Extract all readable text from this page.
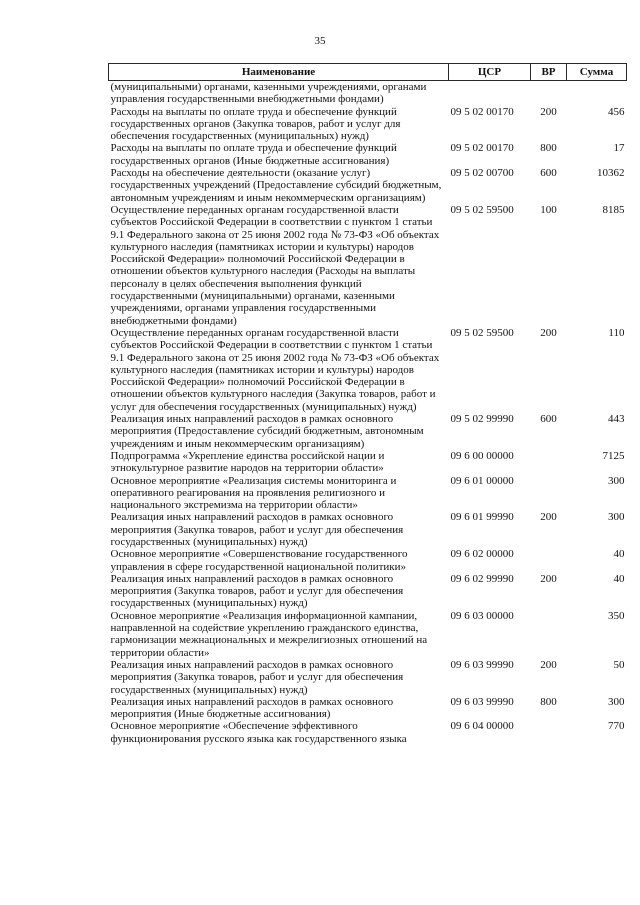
35
Наименование	ЦСР	ВР	Сумма
(муниципальными) органами, казенными учреждениями, органами управления государственными внебюджетными фондами)			
Расходы на выплаты по оплате труда и обеспечение функций государственных органов (Закупка товаров, работ и услуг для обеспечения государственных (муниципальных) нужд)	09 5 02 00170	200	456
Расходы на выплаты по оплате труда и обеспечение функций государственных органов (Иные бюджетные ассигнования)	09 5 02 00170	800	17
Расходы на обеспечение деятельности (оказание услуг) государственных учреждений (Предоставление субсидий бюджетным, автономным учреждениям и иным некоммерческим организациям)	09 5 02 00700	600	10362
Осуществление переданных органам государственной власти субъектов Российской Федерации в соответствии с пунктом 1 статьи 9.1 Федерального закона от 25 июня 2002 года № 73-ФЗ «Об объектах культурного наследия (памятниках истории и культуры) народов Российской Федерации» полномочий Российской Федерации в отношении объектов культурного наследия (Расходы на выплаты персоналу в целях обеспечения выполнения функций государственными (муниципальными) органами, казенными учреждениями, органами управления государственными внебюджетными фондами)	09 5 02 59500	100	8185
Осуществление переданных органам государственной власти субъектов Российской Федерации в соответствии с пунктом 1 статьи 9.1 Федерального закона от 25 июня 2002 года № 73-ФЗ «Об объектах культурного наследия (памятниках истории и культуры) народов Российской Федерации» полномочий Российской Федерации в отношении объектов культурного наследия (Закупка товаров, работ и услуг для обеспечения государственных (муниципальных) нужд)	09 5 02 59500	200	110
Реализация иных направлений расходов в рамках основного мероприятия (Предоставление субсидий бюджетным, автономным учреждениям и иным некоммерческим организациям)	09 5 02 99990	600	443
Подпрограмма «Укрепление единства российской нации и этнокультурное развитие народов на территории области»	09 6 00 00000		7125
Основное мероприятие «Реализация системы мониторинга и оперативного реагирования на проявления религиозного и национального экстремизма на территории области»	09 6 01 00000		300
Реализация иных направлений расходов в рамках основного мероприятия (Закупка товаров, работ и услуг для обеспечения государственных (муниципальных) нужд)	09 6 01 99990	200	300
Основное мероприятие «Совершенствование государственного управления в сфере государственной национальной политики»	09 6 02 00000		40
Реализация иных направлений расходов в рамках основного мероприятия (Закупка товаров, работ и услуг для обеспечения государственных (муниципальных) нужд)	09 6 02 99990	200	40
Основное мероприятие «Реализация информационной кампании, направленной на содействие укреплению гражданского единства, гармонизации межнациональных и межрелигиозных отношений на территории области»	09 6 03 00000		350
Реализация иных направлений расходов в рамках основного мероприятия (Закупка товаров, работ и услуг для обеспечения государственных (муниципальных) нужд)	09 6 03 99990	200	50
Реализация иных направлений расходов в рамках основного мероприятия (Иные бюджетные ассигнования)	09 6 03 99990	800	300
Основное мероприятие «Обеспечение эффективного функционирования русского языка как государственного языка	09 6 04 00000		770
